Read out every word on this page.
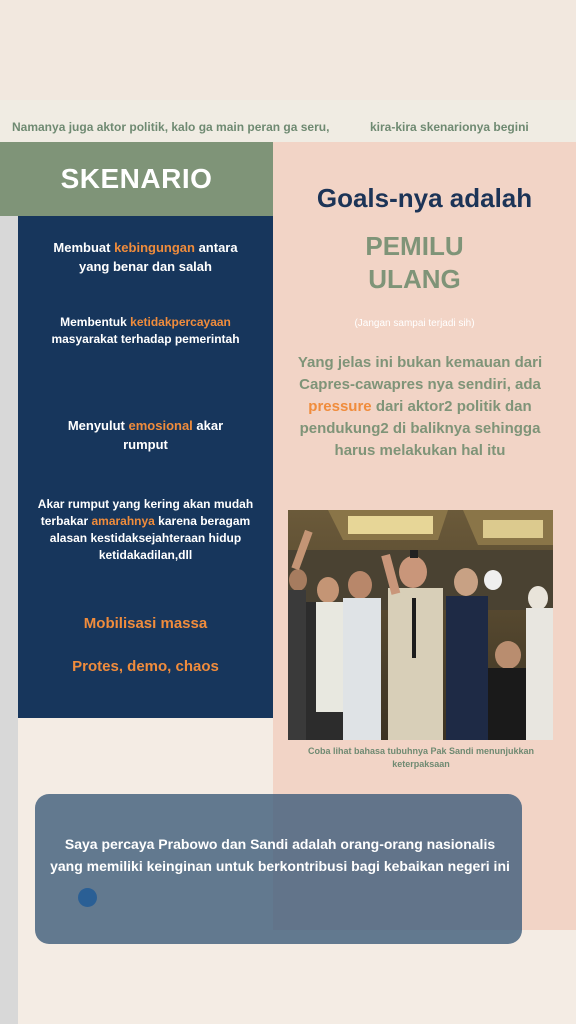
Namanya juga aktor politik, kalo ga main peran ga seru,	kira-kira skenarionya begini
SKENARIO
Membuat kebingungan antara yang benar dan salah
Membentuk ketidakpercayaan masyarakat terhadap pemerintah
Menyulut emosional akar rumput
Akar rumput yang kering akan mudah terbakar amarahnya karena beragam alasan kestidaksejahteraan hidup ketidakadilan,dll
Mobilisasi massa
Protes, demo, chaos
Goals-nya adalah
PEMILU
ULANG
(Jangan sampai terjadi sih)
Yang jelas ini bukan kemauan dari Capres-cawapres nya sendiri, ada pressure dari aktor2 politik dan pendukung2 di baliknya sehingga harus melakukan hal itu
Coba lihat bahasa tubuhnya Pak Sandi menunjukkan keterpaksaan
Saya percaya Prabowo dan Sandi adalah orang-orang nasionalis yang memiliki keinginan untuk berkontribusi bagi kebaikan negeri ini
